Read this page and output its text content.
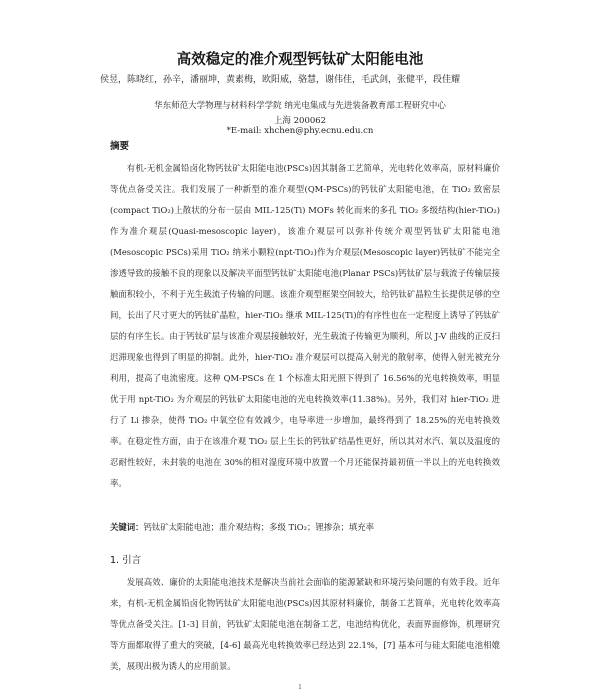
高效稳定的准介观型钙钛矿太阳能电池
侯昱，陈晓红，孙辛，潘丽坤，黄素梅，欧阳威，骆慧，谢伟佳，毛武剑，张健平，段佳耀
华东师范大学物理与材料科学学院 纳光电集成与先进装备教育部工程研究中心
上海 200062
*E-mail: xhchen@phy.ecnu.edu.cn
摘要

有机-无机金属铅卤化物钙钛矿太阳能电池(PSCs)因其制备工艺简单，光电转化效率高，原材料廉价等优点备受关注。我们发展了一种新型的准介观型(QM-PSCs)的钙钛矿太阳能电池，在 TiO₂ 致密层(compact TiO₂)上散状的分布一层由 MIL-125(Ti) MOFs 转化而来的多孔 TiO₂ 多级结构(hier-TiO₂)作为准介观层(Quasi-mesoscopic layer)，该准介观层可以弥补传统介观型钙钛矿太阳能电池(Mesoscopic PSCs)采用 TiO₂ 纳米小颗粒(npt-TiO₂)作为介观层(Mesoscopic layer)钙钛矿不能完全渗透导致的接触不良的现象以及解决平面型钙钛矿太阳能电池(Planar PSCs)钙钛矿层与载流子传输层接触面积较小，不利于光生载流子传输的问题。该准介观型框架空间较大，给钙钛矿晶粒生长提供足够的空间，长出了尺寸更大的钙钛矿晶粒，hier-TiO₂ 继承 MIL-125(Ti)的有序性也在一定程度上诱导了钙钛矿层的有序生长。由于钙钛矿层与该准介观层接触较好，光生载流子传输更为顺利，所以 J-V 曲线的正反扫迟滞现象也得到了明显的抑制。此外，hier-TiO₂ 准介观层可以提高入射光的散射率，使得入射光被充分利用，提高了电流密度。这种 QM-PSCs 在 1 个标准太阳光照下得到了 16.56%的光电转换效率，明显优于用 npt-TiO₂ 为介观层的钙钛矿太阳能电池的光电转换效率(11.38%)。另外，我们对 hier-TiO₂ 进行了 Li 掺杂，使得 TiO₂ 中氧空位有效减少，电导率进一步增加，最终得到了 18.25%的光电转换效率。在稳定性方面，由于在该准介观 TiO₂ 层上生长的钙钛矿结晶性更好，所以其对水汽、氧以及温度的忍耐性较好，未封装的电池在 30%的相对湿度环境中放置一个月还能保持最初值一半以上的光电转换效率。

关键词：钙钛矿太阳能电池；准介观结构；多级 TiO₂；锂掺杂；填充率
1. 引言

发展高效、廉价的太阳能电池技术是解决当前社会面临的能源紧缺和环境污染问题的有效手段。近年来，有机-无机金属铅卤化物钙钛矿太阳能电池(PSCs)因其原材料廉价，制备工艺简单，光电转化效率高等优点备受关注。[1-3] 目前，钙钛矿太阳能电池在制备工艺，电池结构优化，表面界面修饰，机理研究等方面都取得了重大的突破，[4-6] 最高光电转换效率已经达到 22.1%，[7] 基本可与硅太阳能电池相媲美，展现出极为诱人的应用前景。

1
